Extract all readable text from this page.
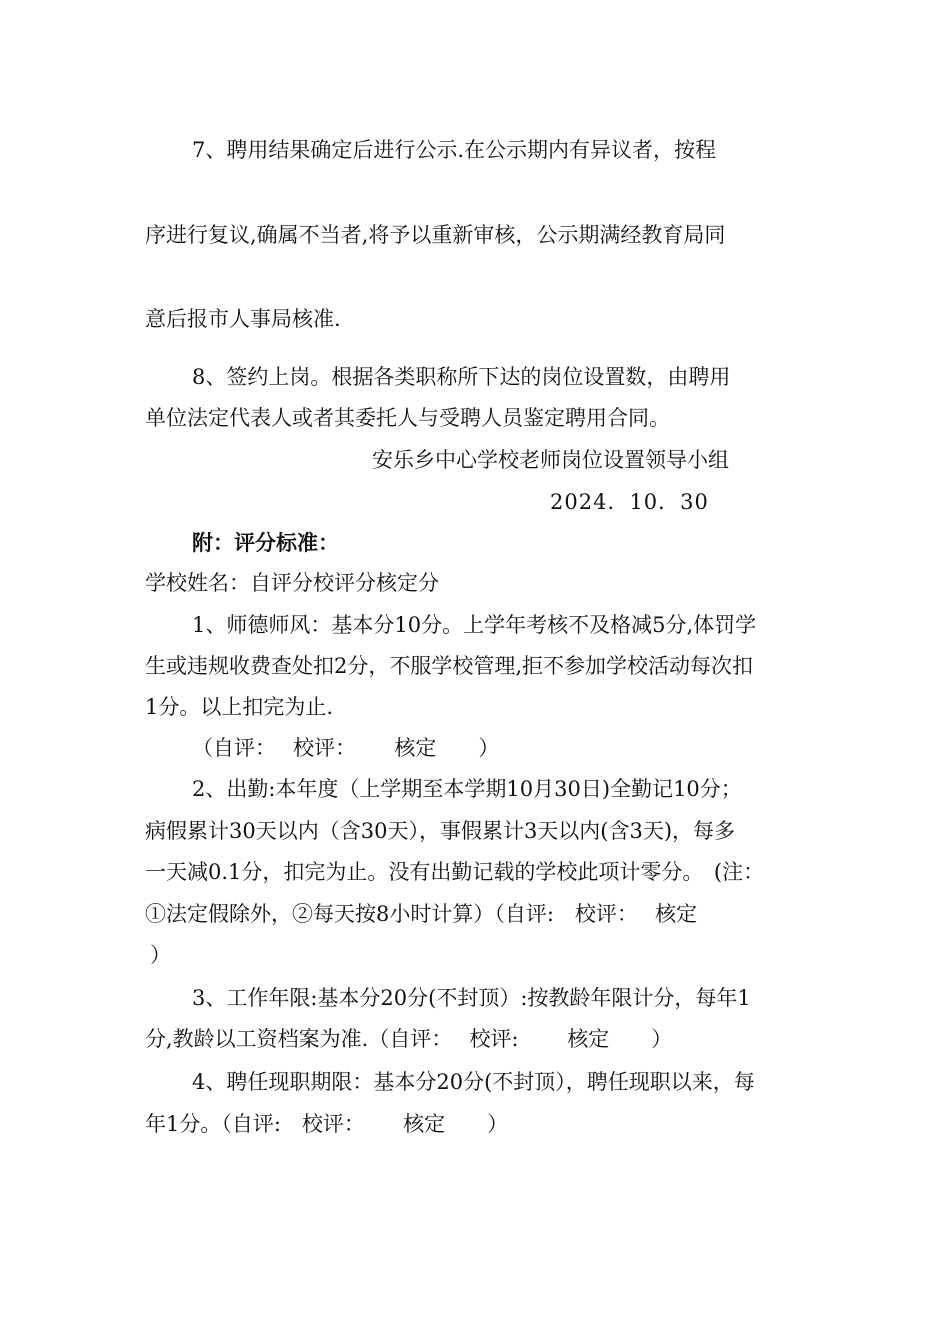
7、聘用结果确定后进行公示.在公示期内有异议者，按程
序进行复议,确属不当者,将予以重新审核，公示期满经教育局同
意后报市人事局核准.
8、签约上岗。根据各类职称所下达的岗位设置数，由聘用
单位法定代表人或者其委托人与受聘人员鉴定聘用合同。
安乐乡中心学校老师岗位设置领导小组
2024．10．30
附：评分标准：
学校姓名：自评分校评分核定分
1、师德师风：基本分10分。上学年考核不及格减5分,体罚学
生或违规收费查处扣2分，不服学校管理,拒不参加学校活动每次扣
1分。以上扣完为止.
（自评：　 校评：　　 核定　　）
2、出勤:本年度（上学期至本学期10月30日)全勤记10分；
病假累计30天以内（含30天），事假累计3天以内(含3天)，每多
一天减0.1分，扣完为止。没有出勤记载的学校此项计零分。　(注：
①法定假除外，②每天按8小时计算）（自评:　校评：　 核定
）
3、工作年限:基本分20分(不封顶）:按教龄年限计分，每年1
分,教龄以工资档案为准.（自评：　 校评:　　 核定　　）
4、聘任现职期限：基本分20分(不封顶），聘任现职以来，每
年1分。（自评:　校评：　　 核定　　）
